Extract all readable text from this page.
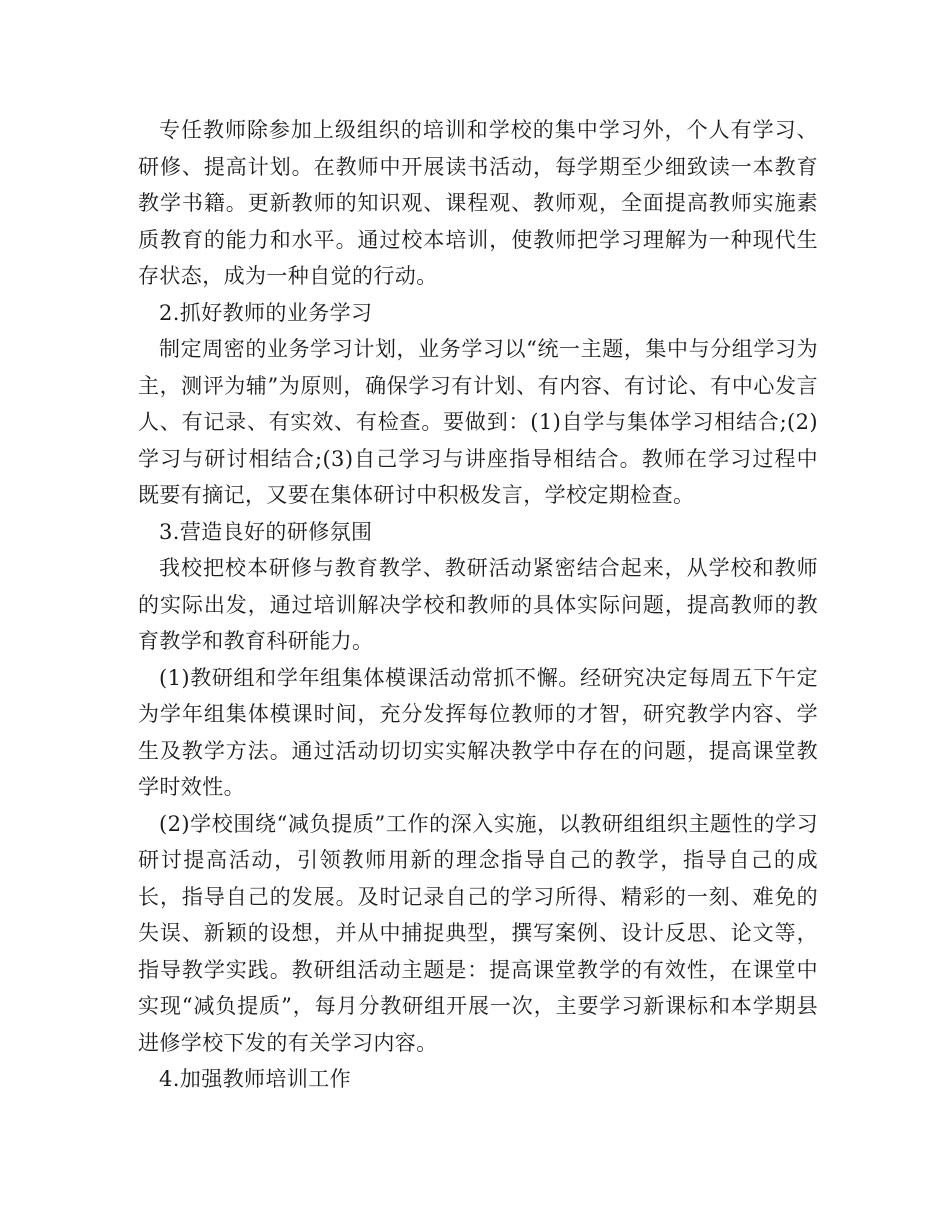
专任教师除参加上级组织的培训和学校的集中学习外，个人有学习、研修、提高计划。在教师中开展读书活动，每学期至少细致读一本教育教学书籍。更新教师的知识观、课程观、教师观，全面提高教师实施素质教育的能力和水平。通过校本培训，使教师把学习理解为一种现代生存状态，成为一种自觉的行动。

2.抓好教师的业务学习

制定周密的业务学习计划，业务学习以“统一主题，集中与分组学习为主，测评为辅”为原则，确保学习有计划、有内容、有讨论、有中心发言人、有记录、有实效、有检查。要做到：(1)自学与集体学习相结合;(2)学习与研讨相结合;(3)自己学习与讲座指导相结合。教师在学习过程中既要有摘记，又要在集体研讨中积极发言，学校定期检查。

3.营造良好的研修氛围

我校把校本研修与教育教学、教研活动紧密结合起来，从学校和教师的实际出发，通过培训解决学校和教师的具体实际问题，提高教师的教育教学和教育科研能力。

(1)教研组和学年组集体模课活动常抓不懈。经研究决定每周五下午定为学年组集体模课时间，充分发挥每位教师的才智，研究教学内容、学生及教学方法。通过活动切切实实解决教学中存在的问题，提高课堂教学时效性。

(2)学校围绕“减负提质”工作的深入实施，以教研组组织主题性的学习研讨提高活动，引领教师用新的理念指导自己的教学，指导自己的成长，指导自己的发展。及时记录自己的学习所得、精彩的一刻、难免的失误、新颖的设想，并从中捕捉典型，撰写案例、设计反思、论文等，指导教学实践。教研组活动主题是：提高课堂教学的有效性，在课堂中实现“减负提质”，每月分教研组开展一次，主要学习新课标和本学期县进修学校下发的有关学习内容。

4.加强教师培训工作
